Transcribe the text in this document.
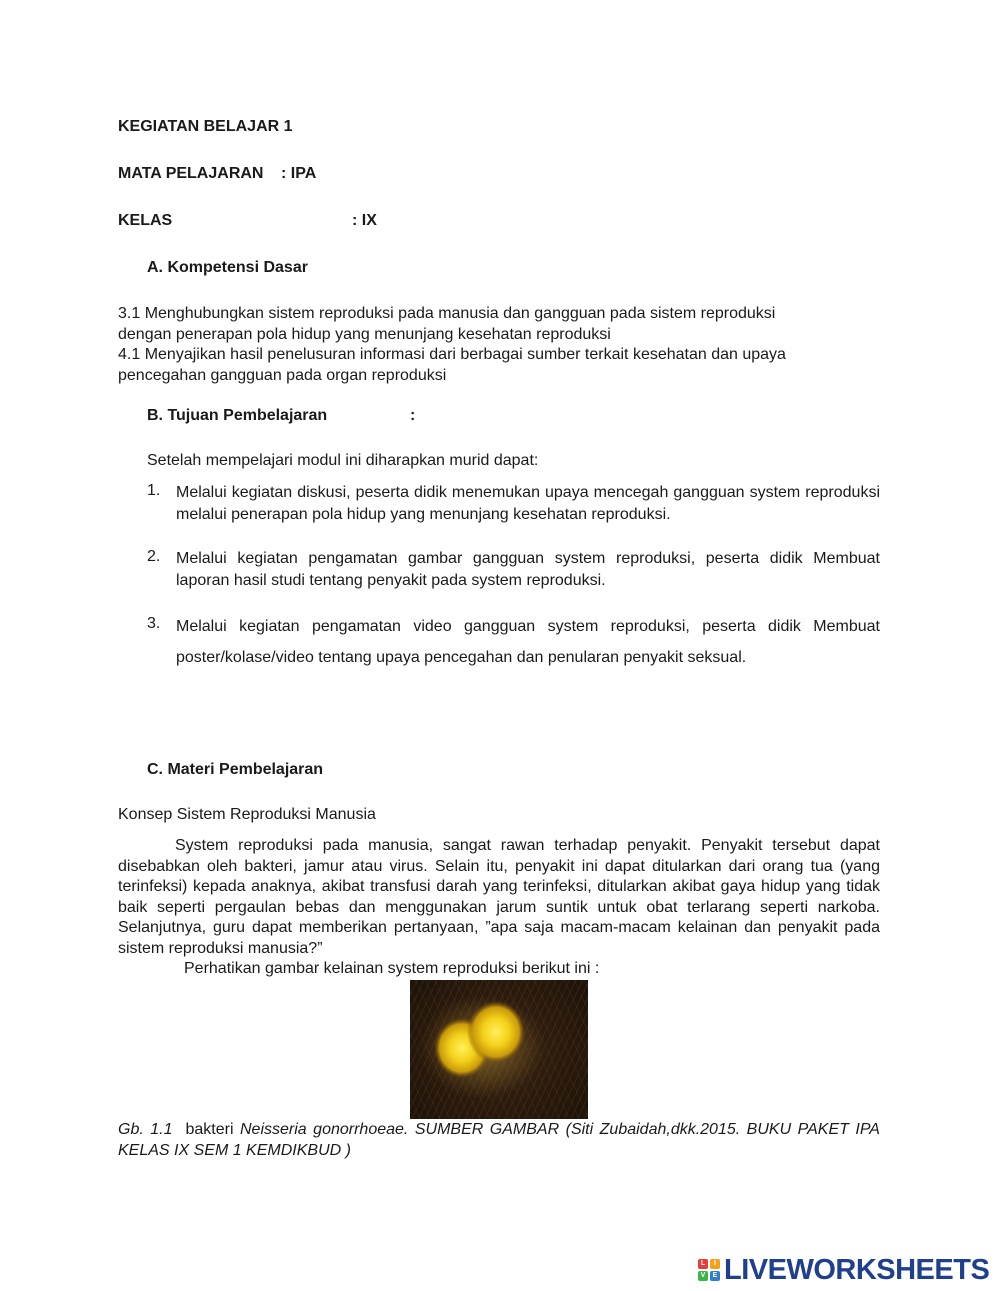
KEGIATAN BELAJAR 1
MATA PELAJARAN : IPA
KELAS	: IX
A. Kompetensi Dasar
3.1 Menghubungkan sistem reproduksi pada manusia dan gangguan pada sistem reproduksi
dengan penerapan pola hidup yang menunjang kesehatan reproduksi
4.1 Menyajikan hasil penelusuran informasi dari berbagai sumber terkait kesehatan dan upaya
pencegahan gangguan pada organ reproduksi
B. Tujuan Pembelajaran	:
Setelah mempelajari modul ini diharapkan murid dapat:
1. Melalui kegiatan diskusi, peserta didik menemukan upaya mencegah gangguan system reproduksi melalui penerapan pola hidup yang menunjang kesehatan reproduksi.
2. Melalui kegiatan pengamatan gambar gangguan system reproduksi, peserta didik Membuat laporan hasil studi tentang penyakit pada system reproduksi.
3. Melalui kegiatan pengamatan video gangguan system reproduksi, peserta didik Membuat poster/kolase/video tentang upaya pencegahan dan penularan penyakit seksual.
C. Materi Pembelajaran
Konsep Sistem Reproduksi Manusia
System reproduksi pada manusia, sangat rawan terhadap penyakit. Penyakit tersebut dapat disebabkan oleh bakteri, jamur atau virus. Selain itu, penyakit ini dapat ditularkan dari orang tua (yang terinfeksi) kepada anaknya, akibat transfusi darah yang terinfeksi, ditularkan akibat gaya hidup yang tidak baik seperti pergaulan bebas dan menggunakan jarum suntik untuk obat terlarang seperti narkoba. Selanjutnya, guru dapat memberikan pertanyaan, ”apa saja macam-macam kelainan dan penyakit pada sistem reproduksi manusia?”
Perhatikan gambar kelainan system reproduksi berikut ini :
Gb. 1.1 bakteri Neisseria gonorrhoeae. SUMBER GAMBAR (Siti Zubaidah,dkk.2015. BUKU PAKET IPA KELAS IX SEM 1 KEMDIKBUD )
L	I
V	E LIVEWORKSHEETS
